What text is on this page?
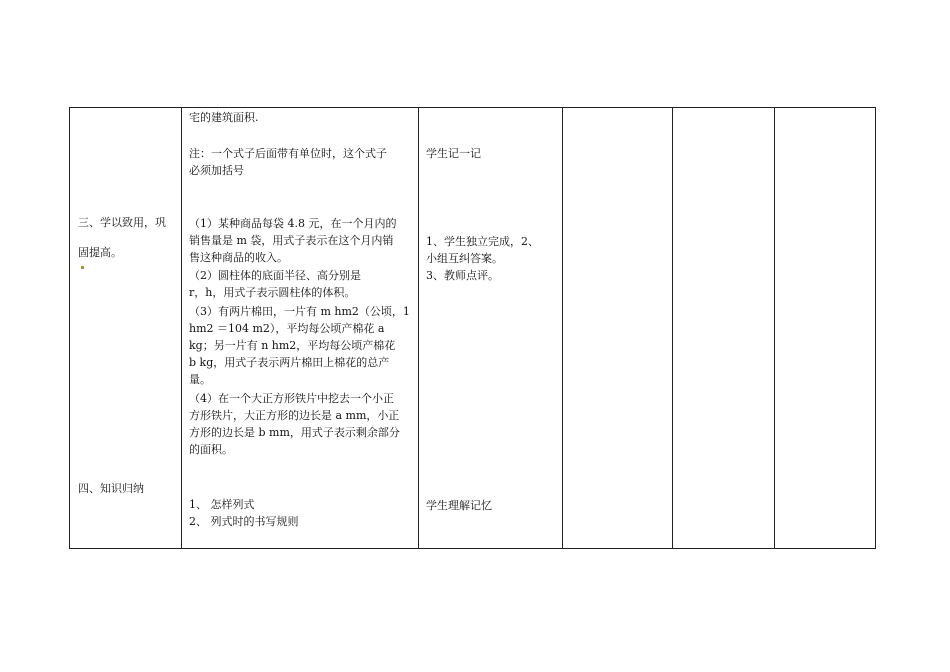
三、学以致用，巩
固提高。
四、知识归纳
宅的建筑面积.
注：一个式子后面带有单位时，这个式子
必须加括号
（1）某种商品每袋 4.8 元，在一个月内的
销售量是 m 袋，用式子表示在这个月内销
售这种商品的收入。
（2）圆柱体的底面半径、高分别是
r，h，用式子表示圆柱体的体积。
（3）有两片棉田，一片有 m hm2（公顷，1
hm2 ＝104 m2），平均每公顷产棉花 a
kg；另一片有 n hm2，平均每公顷产棉花
b kg，用式子表示两片棉田上棉花的总产
量。
（4）在一个大正方形铁片中挖去一个小正
方形铁片，大正方形的边长是 a mm，小正
方形的边长是 b mm，用式子表示剩余部分
的面积。
1、 怎样列式
2、 列式时的书写规则
学生记一记
1、学生独立完成，2、
小组互纠答案。
3、教师点评。
学生理解记忆
